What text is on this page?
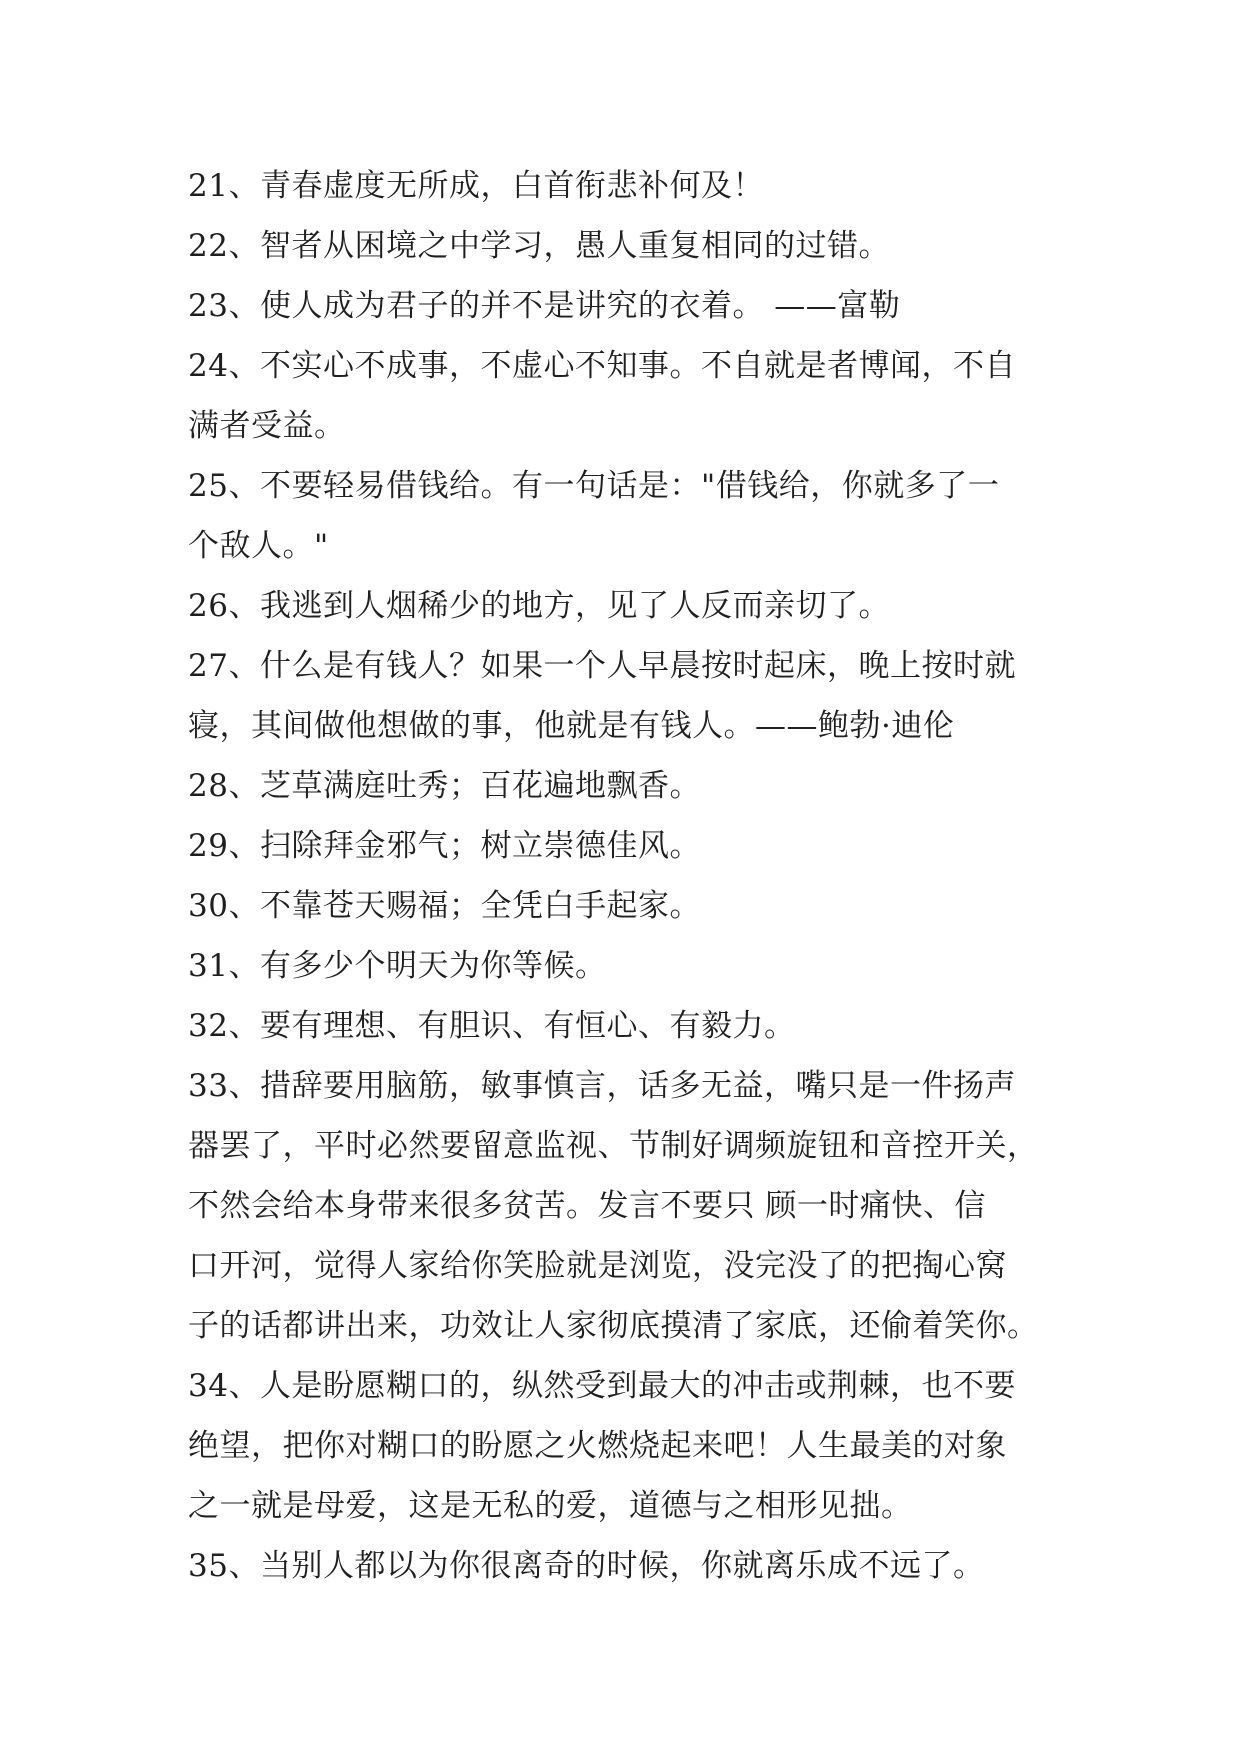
21、青春虚度无所成，白首衔悲补何及！
22、智者从困境之中学习，愚人重复相同的过错。
23、使人成为君子的并不是讲究的衣着。 ——富勒
24、不实心不成事，不虚心不知事。不自就是者博闻，不自
满者受益。
25、不要轻易借钱给。有一句话是："借钱给，你就多了一
个敌人。"
26、我逃到人烟稀少的地方，见了人反而亲切了。
27、什么是有钱人？如果一个人早晨按时起床，晚上按时就
寝，其间做他想做的事，他就是有钱人。——鲍勃·迪伦
28、芝草满庭吐秀；百花遍地飘香。
29、扫除拜金邪气；树立崇德佳风。
30、不靠苍天赐福；全凭白手起家。
31、有多少个明天为你等候。
32、要有理想、有胆识、有恒心、有毅力。
33、措辞要用脑筋，敏事慎言，话多无益，嘴只是一件扬声
器罢了，平时必然要留意监视、节制好调频旋钮和音控开关，
不然会给本身带来很多贫苦。发言不要只 顾一时痛快、信
口开河，觉得人家给你笑脸就是浏览，没完没了的把掏心窝
子的话都讲出来，功效让人家彻底摸清了家底，还偷着笑你。
34、人是盼愿糊口的，纵然受到最大的冲击或荆棘，也不要
绝望，把你对糊口的盼愿之火燃烧起来吧！人生最美的对象
之一就是母爱，这是无私的爱，道德与之相形见拙。
35、当别人都以为你很离奇的时候，你就离乐成不远了。
